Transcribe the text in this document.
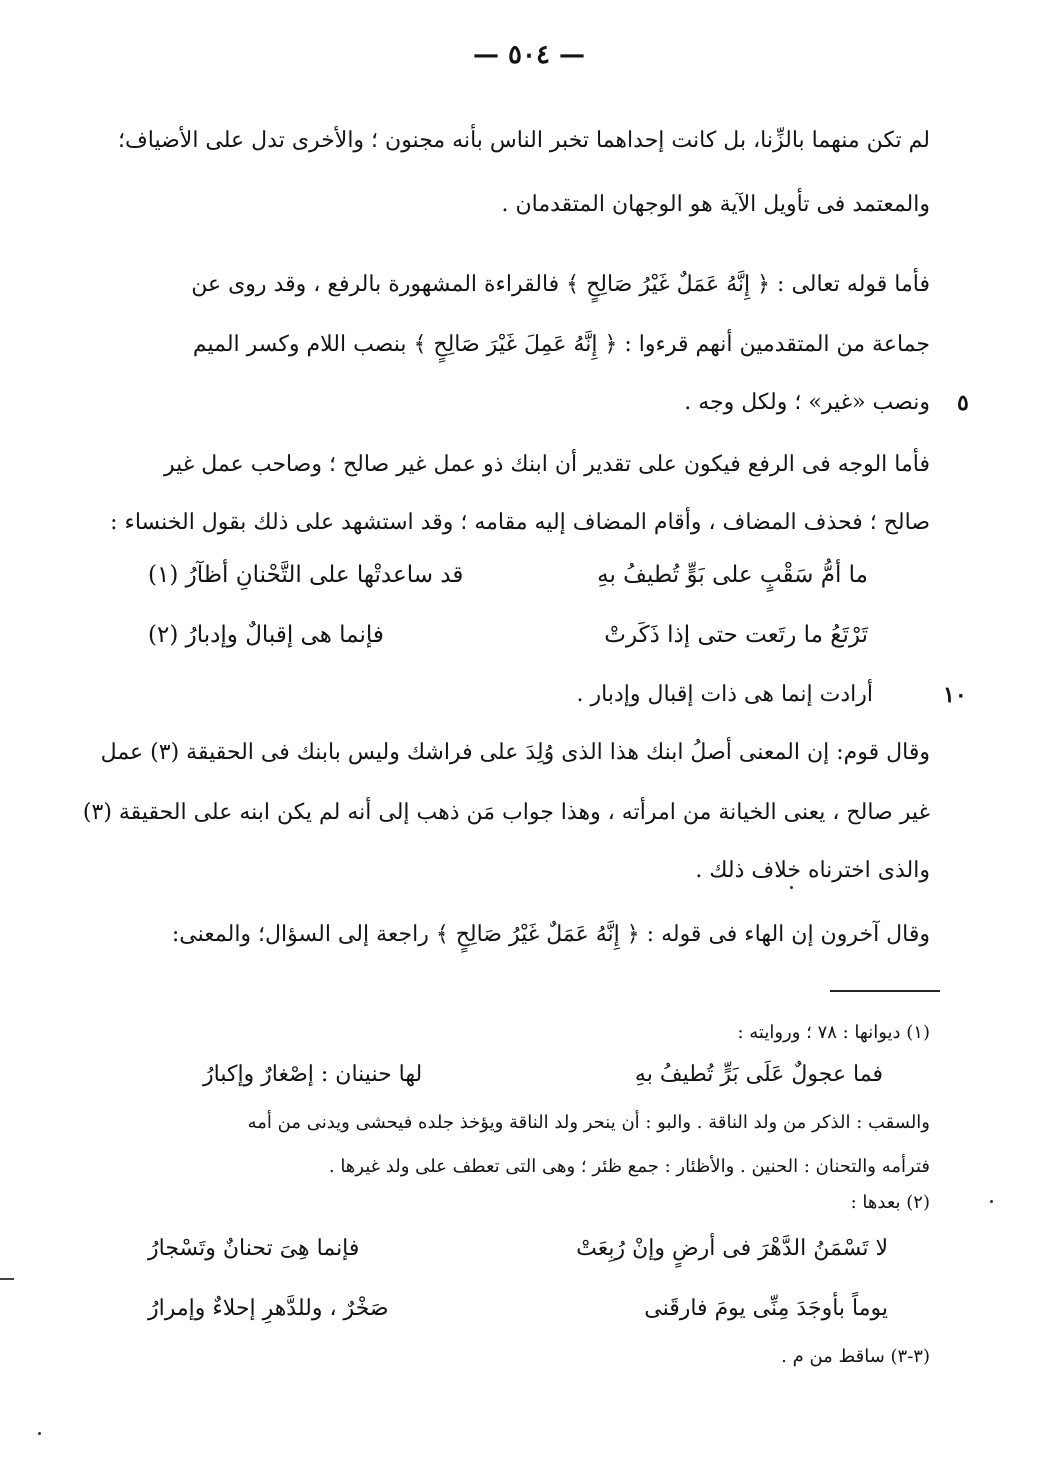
— ٥٠٤ —
لم تكن منهما بالزِّنا، بل كانت إحداهما تخبر الناس بأنه مجنون ؛ والأخرى تدل على الأضياف؛
والمعتمد فى تأويل الآية هو الوجهان المتقدمان .
فأما قوله تعالى : ﴿ إِنَّهُ عَمَلٌ غَيْرُ صَالِحٍ ﴾ فالقراءة المشهورة بالرفع ، وقد روى عن
جماعة من المتقدمين أنهم قرءوا : ﴿ إِنَّهُ عَمِلَ غَيْرَ صَالِحٍ ﴾ بنصب اللام وكسر الميم
ونصب «غير» ؛ ولكل وجه . ٥
فأما الوجه فى الرفع فيكون على تقدير أن ابنك ذو عمل غير صالح ؛ وصاحب عمل غير
صالح ؛ فحذف المضاف ، وأقام المضاف إليه مقامه ؛ وقد استشهد على ذلك بقول الخنساء :
ما أمُّ سَقْبٍ على بَوٍّ تُطيفُ بهِ
قد ساعدتْها على التَّحْنانِ أظآرُ (١)
تَرْتَعُ ما رتَعت حتى إذا ذَكَرتْ
فإنما هى إقبالٌ وإدبارُ (٢)
أرادت إنما هى ذات إقبال وإدبار .	١٠
وقال قوم: إن المعنى أصلُ ابنك هذا الذى وُلِدَ على فراشك وليس بابنك فى الحقيقة (٣) عمل
غير صالح ، يعنى الخيانة من امرأته ، وهذا جواب مَن ذهب إلى أنه لم يكن ابنه على الحقيقة (٣)
والذى اخترناه خلاف ذلك .
وقال آخرون إن الهاء فى قوله : ﴿ إِنَّهُ عَمَلٌ غَيْرُ صَالِحٍ ﴾ راجعة إلى السؤال؛ والمعنى:
(١) ديوانها : ٧٨ ؛ وروايته :
فما عجولٌ عَلَى بَرٍّ تُطيفُ بهِ
لها حنينان : إصْغارٌ وإكبارُ
والسقب : الذكر من ولد الناقة . والبو : أن ينحر ولد الناقة ويؤخذ جلده فيحشى ويدنى من أمه
فترأمه والتحنان : الحنين . والأظئار : جمع ظئر ؛ وهى التى تعطف على ولد غيرها .
(٢) بعدها :
لا تَسْمَنُ الدَّهْرَ فى أرضٍ وإنْ رُبِعَتْ
فإنما هِىَ تحنانٌ وتَسْجارُ
يوماً بأوجَدَ مِنِّى يومَ فارقَنى
صَخْرٌ ، وللدَّهرِ إحلاءٌ وإمرارُ
(٣-٣) ساقط من م .
